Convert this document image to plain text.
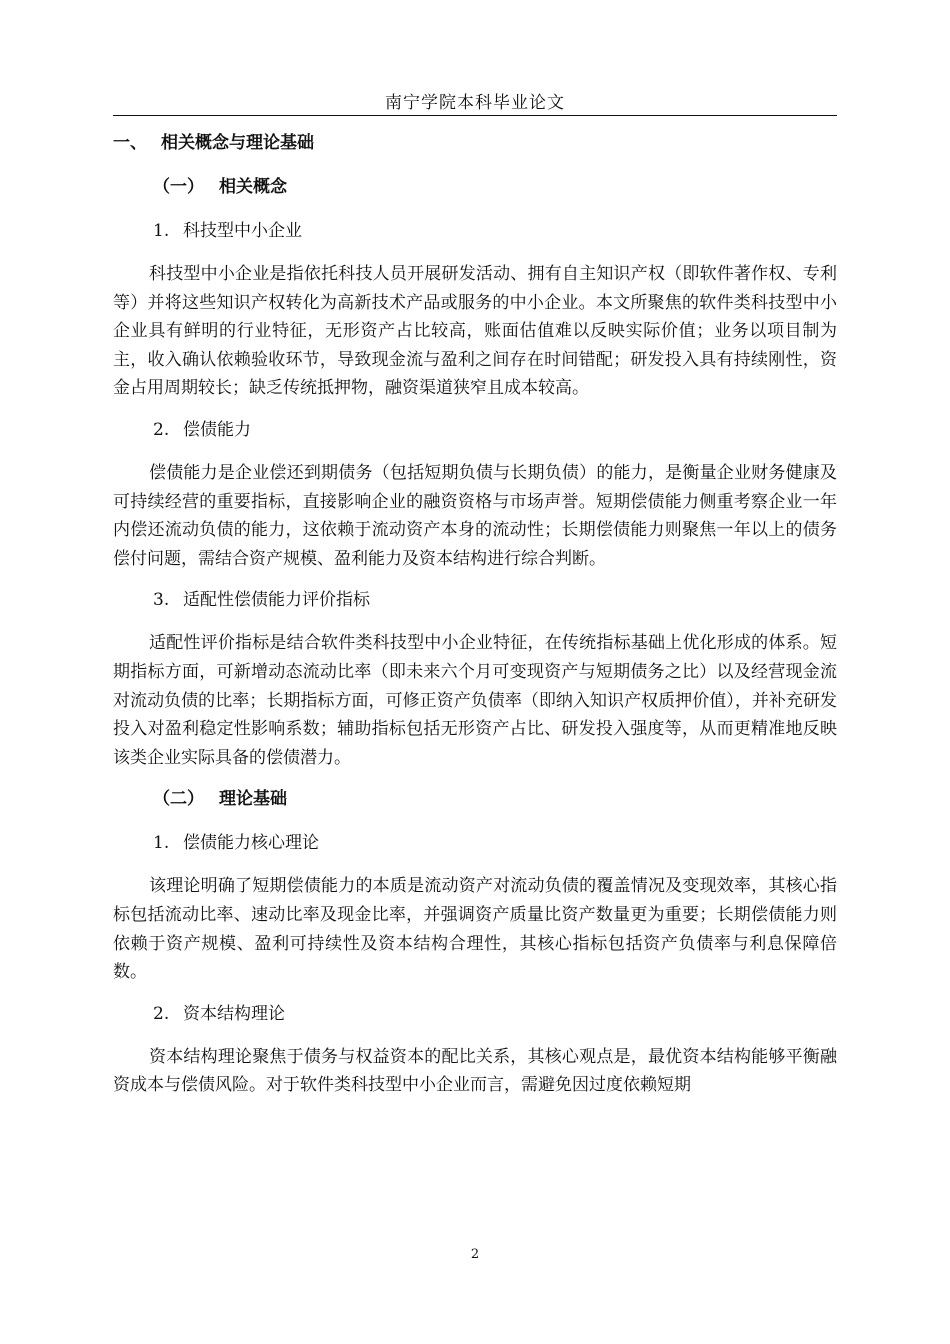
南宁学院本科毕业论文
一、 相关概念与理论基础
（一） 相关概念
1. 科技型中小企业

科技型中小企业是指依托科技人员开展研发活动、拥有自主知识产权（即软件著作权、专利等）并将这些知识产权转化为高新技术产品或服务的中小企业。本文所聚焦的软件类科技型中小企业具有鲜明的行业特征，无形资产占比较高，账面估值难以反映实际价值；业务以项目制为主，收入确认依赖验收环节，导致现金流与盈利之间存在时间错配；研发投入具有持续刚性，资金占用周期较长；缺乏传统抵押物，融资渠道狭窄且成本较高。

2. 偿债能力

偿债能力是企业偿还到期债务（包括短期负债与长期负债）的能力，是衡量企业财务健康及可持续经营的重要指标，直接影响企业的融资资格与市场声誉。短期偿债能力侧重考察企业一年内偿还流动负债的能力，这依赖于流动资产本身的流动性；长期偿债能力则聚焦一年以上的债务偿付问题，需结合资产规模、盈利能力及资本结构进行综合判断。

3. 适配性偿债能力评价指标

适配性评价指标是结合软件类科技型中小企业特征，在传统指标基础上优化形成的体系。短期指标方面，可新增动态流动比率（即未来六个月可变现资产与短期债务之比）以及经营现金流对流动负债的比率；长期指标方面，可修正资产负债率（即纳入知识产权质押价值），并补充研发投入对盈利稳定性影响系数；辅助指标包括无形资产占比、研发投入强度等，从而更精准地反映该类企业实际具备的偿债潜力。

（二） 理论基础
1. 偿债能力核心理论

该理论明确了短期偿债能力的本质是流动资产对流动负债的覆盖情况及变现效率，其核心指标包括流动比率、速动比率及现金比率，并强调资产质量比资产数量更为重要；长期偿债能力则依赖于资产规模、盈利可持续性及资本结构合理性，其核心指标包括资产负债率与利息保障倍数。

2. 资本结构理论

资本结构理论聚焦于债务与权益资本的配比关系，其核心观点是，最优资本结构能够平衡融资成本与偿债风险。对于软件类科技型中小企业而言，需避免因过度依赖短期

2
